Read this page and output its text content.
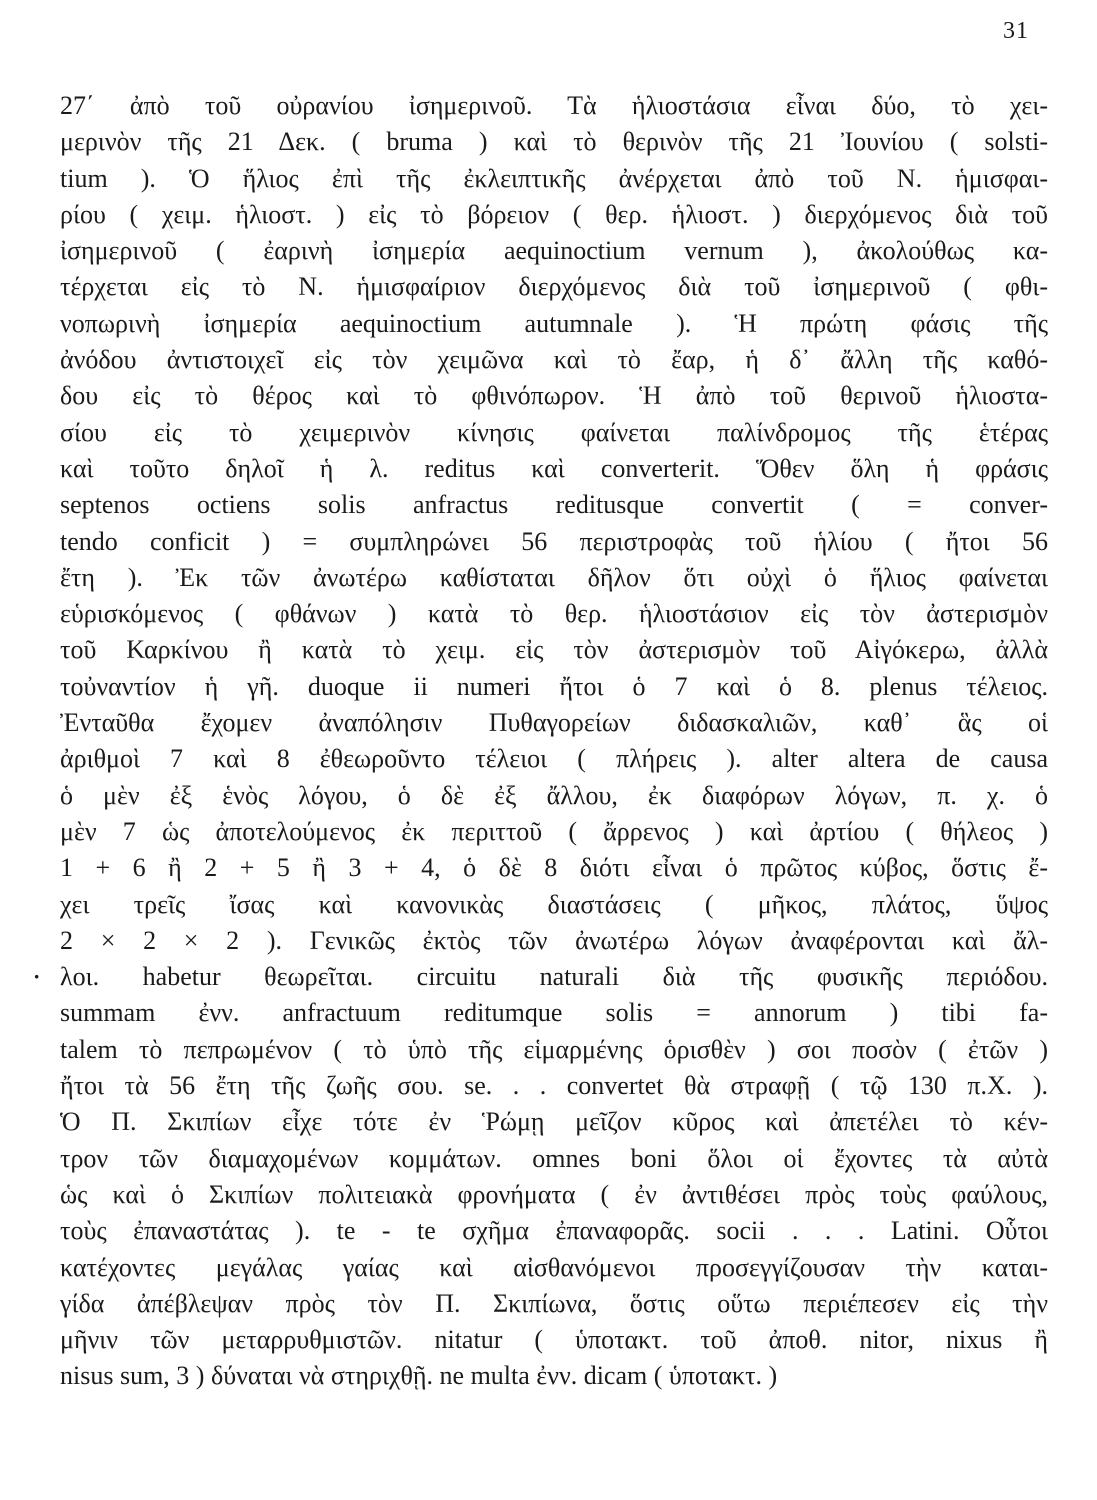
31
·
27΄ ἀπὸ τοῦ οὐρανίου ἰσημερινοῦ. Τὰ ἡλιοστάσια εἶναι δύο, τὸ χει-
μερινὸν τῆς 21 Δεκ. ( bruma ) καὶ τὸ θερινὸν τῆς 21 Ἰουνίου ( solsti-
tium ). Ὁ ἥλιος ἐπὶ τῆς ἐκλειπτικῆς ἀνέρχεται ἀπὸ τοῦ Ν. ἡμισφαι-
ρίου ( χειμ. ἡλιοστ. ) εἰς τὸ βόρειον ( θερ. ἡλιοστ. ) διερχόμενος διὰ τοῦ
ἰσημερινοῦ ( ἐαρινὴ ἰσημερία aequinoctium vernum ), ἀκολούθως κα-
τέρχεται εἰς τὸ Ν. ἡμισφαίριον διερχόμενος διὰ τοῦ ἰσημερινοῦ ( φθι-
νοπωρινὴ ἰσημερία aequinoctium autumnale ). Ἡ πρώτη φάσις τῆς
ἀνόδου ἀντιστοιχεῖ εἰς τὸν χειμῶνα καὶ τὸ ἔαρ, ἡ δ᾽ ἄλλη τῆς καθό-
δου εἰς τὸ θέρος καὶ τὸ φθινόπωρον. Ἡ ἀπὸ τοῦ θερινοῦ ἡλιοστα-
σίου εἰς τὸ χειμερινὸν κίνησις φαίνεται παλίνδρομος τῆς ἑτέρας
καὶ τοῦτο δηλοῖ ἡ λ. reditus καὶ converterit. Ὅθεν ὅλη ἡ φράσις
septenos octiens solis anfractus reditusque convertit ( = conver-
tendo conficit ) = συμπληρώνει 56 περιστροφὰς τοῦ ἡλίου ( ἤτοι 56
ἔτη ). Ἐκ τῶν ἀνωτέρω καθίσταται δῆλον ὅτι οὐχὶ ὁ ἥλιος φαίνεται
εὑρισκόμενος ( φθάνων ) κατὰ τὸ θερ. ἡλιοστάσιον εἰς τὸν ἀστερισμὸν
τοῦ Καρκίνου ἢ κατὰ τὸ χειμ. εἰς τὸν ἀστερισμὸν τοῦ Αἰγόκερω, ἀλλὰ
τοὐναντίον ἡ γῆ. duoque ii numeri ἤτοι ὁ 7 καὶ ὁ 8. plenus τέλειος.
Ἐνταῦθα ἔχομεν ἀναπόλησιν Πυθαγορείων διδασκαλιῶν, καθ᾽ ἃς οἱ
ἀριθμοὶ 7 καὶ 8 ἐθεωροῦντο τέλειοι ( πλήρεις ). alter altera de causa
ὁ μὲν ἐξ ἑνὸς λόγου, ὁ δὲ ἐξ ἄλλου, ἐκ διαφόρων λόγων, π. χ. ὁ
μὲν 7 ὡς ἀποτελούμενος ἐκ περιττοῦ ( ἄρρενος ) καὶ ἀρτίου ( θήλεος )
1 + 6 ἢ 2 + 5 ἢ 3 + 4, ὁ δὲ 8 διότι εἶναι ὁ πρῶτος κύβος, ὅστις ἔ-
χει τρεῖς ἴσας καὶ κανονικὰς διαστάσεις ( μῆκος, πλάτος, ὕψος
2 × 2 × 2 ). Γενικῶς ἐκτὸς τῶν ἀνωτέρω λόγων ἀναφέρονται καὶ ἄλ-
λοι. habetur θεωρεῖται. circuitu naturali διὰ τῆς φυσικῆς περιόδου.
summam ἐνν. anfractuum reditumque solis = annorum ) tibi fa-
talem τὸ πεπρωμένον ( τὸ ὑπὸ τῆς εἱμαρμένης ὁρισθὲν ) σοι ποσὸν ( ἐτῶν )
ἤτοι τὰ 56 ἔτη τῆς ζωῆς σου. se. . . convertet θὰ στραφῇ ( τῷ 130 π.Χ. ).
Ὁ Π. Σκιπίων εἶχε τότε ἐν Ῥώμῃ μεῖζον κῦρος καὶ ἀπετέλει τὸ κέν-
τρον τῶν διαμαχομένων κομμάτων. omnes boni ὅλοι οἱ ἔχοντες τὰ αὐτὰ
ὡς καὶ ὁ Σκιπίων πολιτειακὰ φρονήματα ( ἐν ἀντιθέσει πρὸς τοὺς φαύλους,
τοὺς ἐπαναστάτας ). te - te σχῆμα ἐπαναφορᾶς. socii . . . Latini. Οὗτοι
κατέχοντες μεγάλας γαίας καὶ αἰσθανόμενοι προσεγγίζουσαν τὴν καται-
γίδα ἀπέβλεψαν πρὸς τὸν Π. Σκιπίωνα, ὅστις οὕτω περιέπεσεν εἰς τὴν
μῆνιν τῶν μεταρρυθμιστῶν. nitatur ( ὑποτακτ. τοῦ ἀποθ. nitor, nixus ἢ
nisus sum, 3 ) δύναται νὰ στηριχθῇ. ne multa ἐνν. dicam ( ὑποτακτ. )
